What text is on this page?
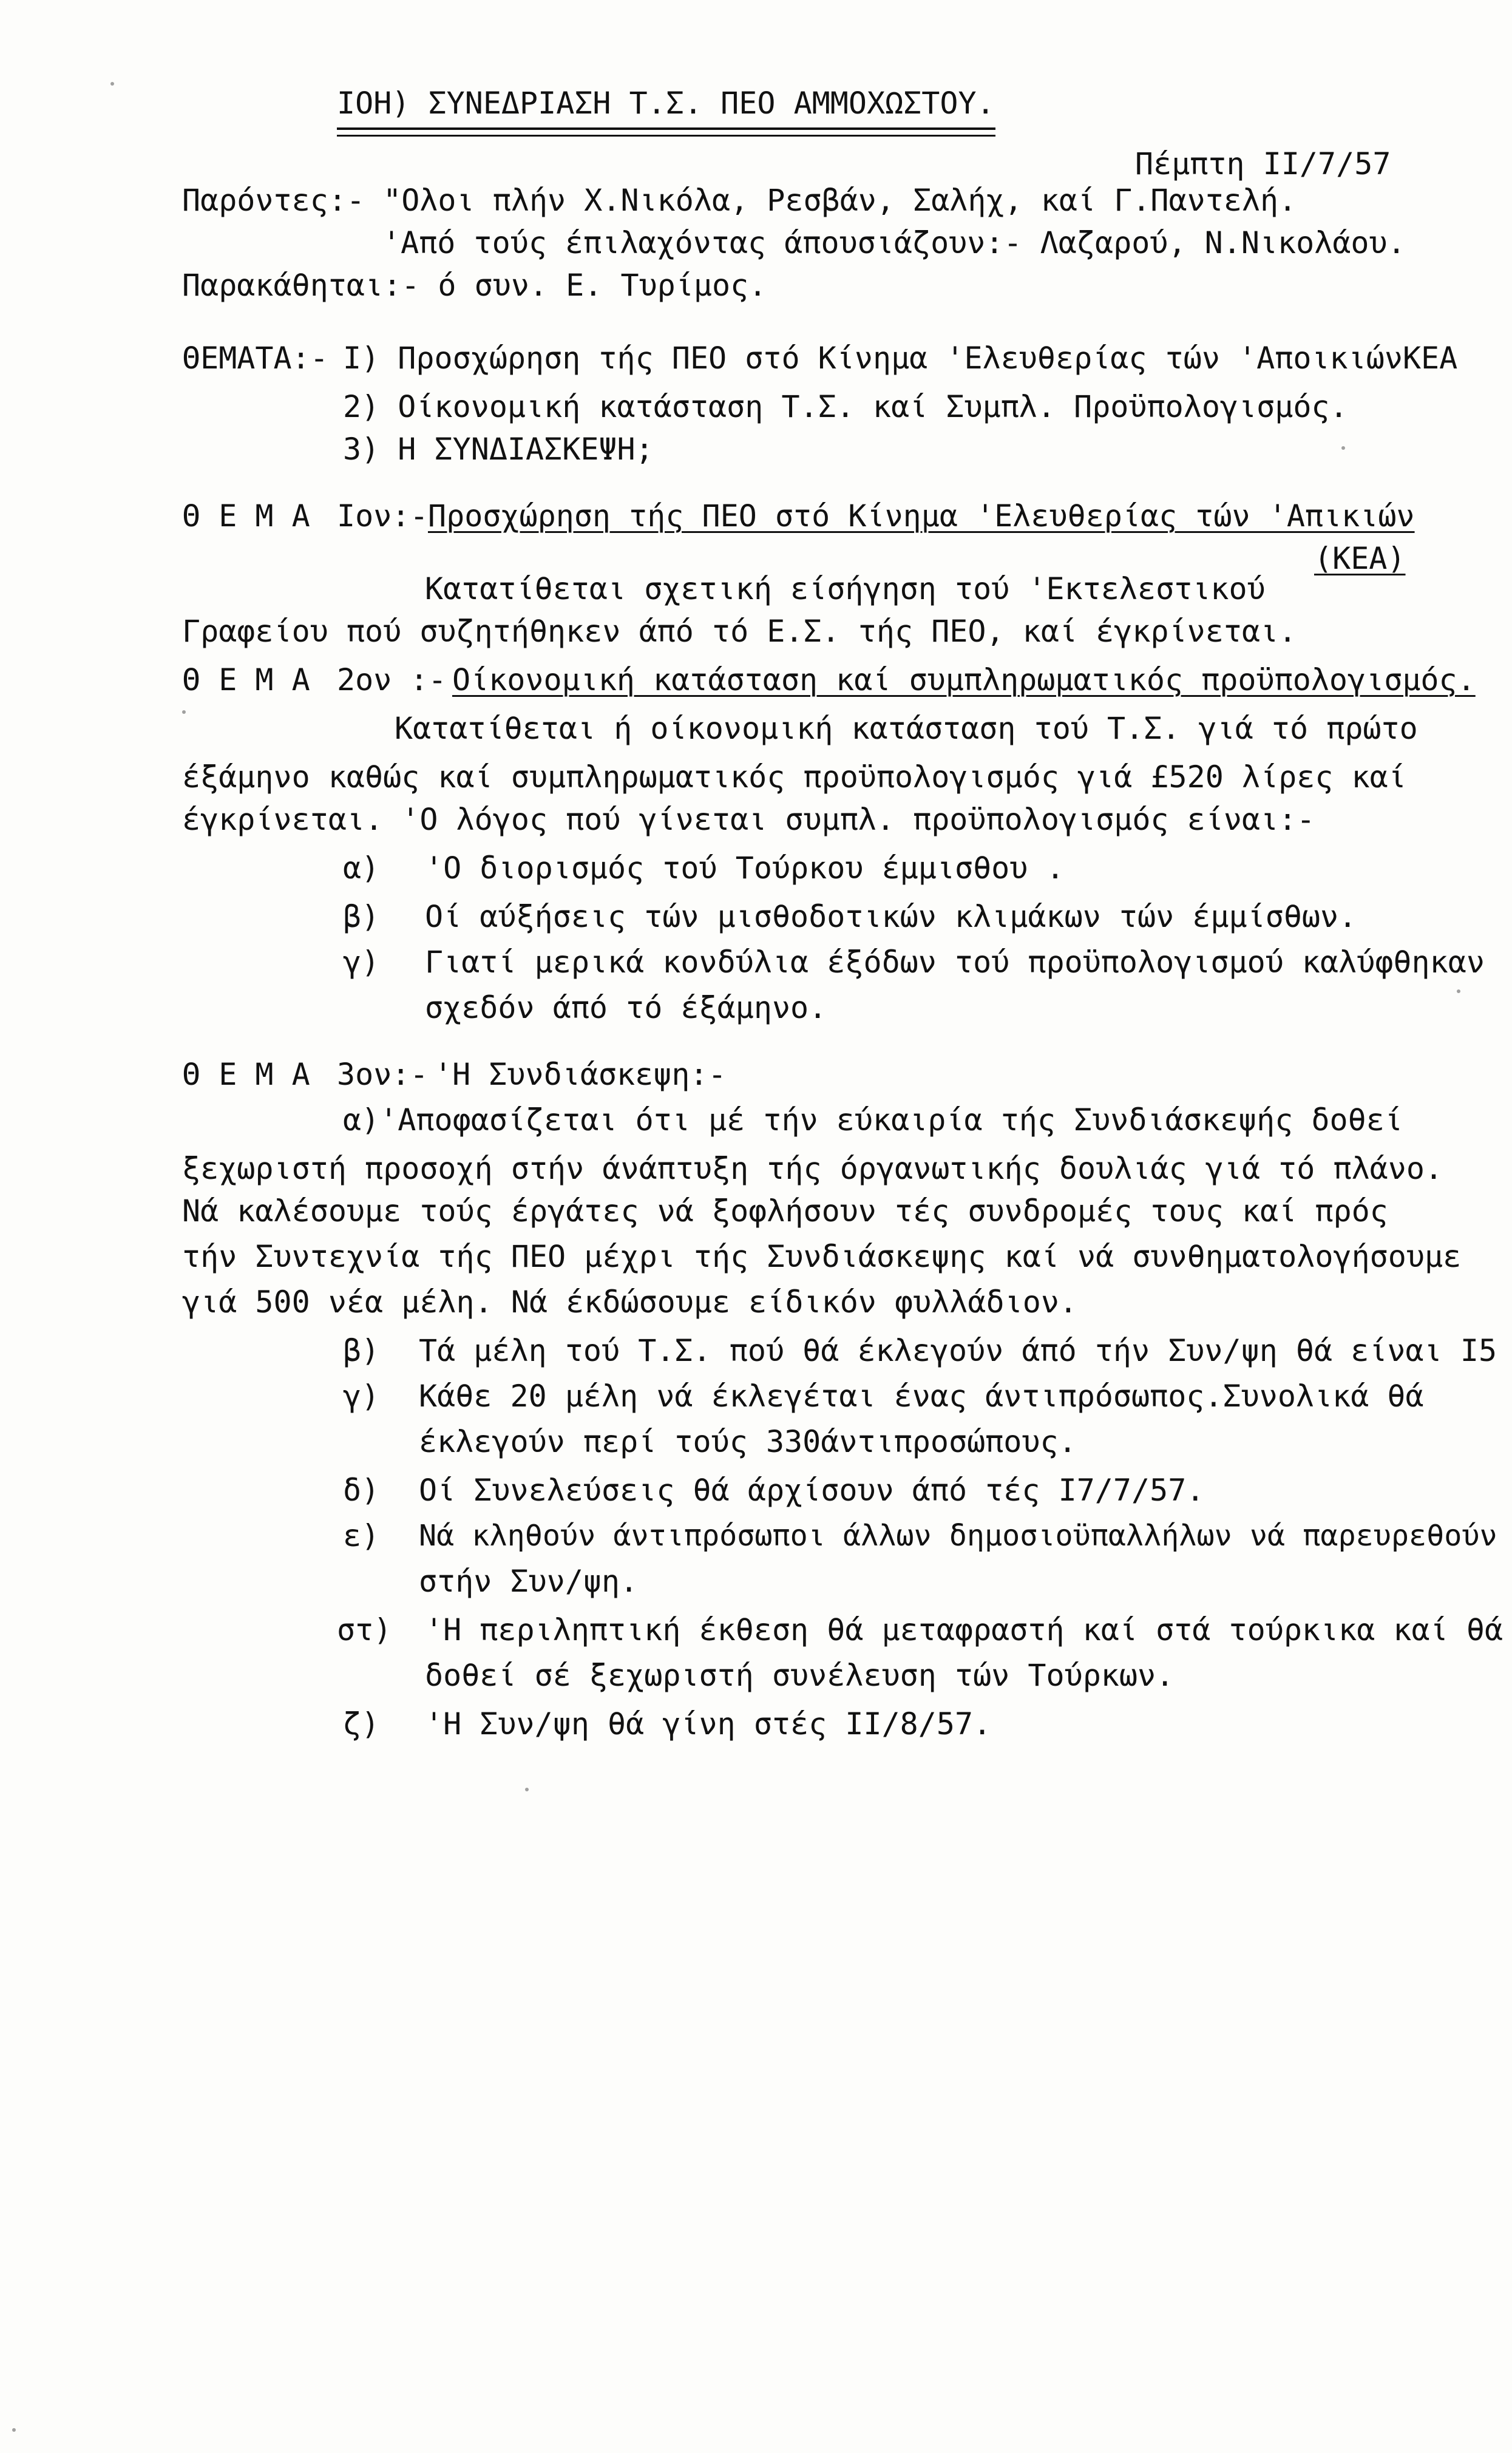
ΙΟΗ) ΣΥΝΕΔΡΙΑΣΗ Τ.Σ. ΠΕΟ ΑΜΜΟΧΩΣΤΟΥ.
Πέμπτη ΙΙ/7/57
Παρόντες:- "Ολοι πλήν Χ.Νικόλα, Ρεσβάν, Σαλήχ, καί Γ.Παντελή.
'Από τούς έπιλαχόντας άπουσιάζουν:- Λαζαρού, Ν.Νικολάου.
Παρακάθηται:- ό συν. Ε. Τυρίμος.
ΘΕΜΑΤΑ:- Ι) Προσχώρηση τής ΠΕΟ στό Κίνημα 'Ελευθερίας τών 'ΑποικιώνΚΕΑ
2) Οίκονομική κατάσταση Τ.Σ. καί Συμπλ. Προϋπολογισμός.
3) Η ΣΥΝΔΙΑΣΚΕΨΗ;
Θ Ε Μ Α Ιον:- Προσχώρηση τής ΠΕΟ στό Κίνημα 'Ελευθερίας τών 'Απικιών
(ΚΕΑ)
Κατατίθεται σχετική είσήγηση τού 'Εκτελεστικού
Γραφείου πού συζητήθηκεν άπό τό Ε.Σ. τής ΠΕΟ, καί έγκρίνεται.
Θ Ε Μ Α 2ον :- Οίκονομική κατάσταση καί συμπληρωματικός προϋπολογισμός.
Κατατίθεται ή οίκονομική κατάσταση τού Τ.Σ. γιά τό πρώτο
έξάμηνο καθώς καί συμπληρωματικός προϋπολογισμός γιά £520 λίρες καί
έγκρίνεται. 'Ο λόγος πού γίνεται συμπλ. προϋπολογισμός είναι:-
α) 'Ο διορισμός τού Τούρκου έμμισθου .
β) Οί αύξήσεις τών μισθοδοτικών κλιμάκων τών έμμίσθων.
γ) Γιατί μερικά κονδύλια έξόδων τού προϋπολογισμού καλύφθηκαν
σχεδόν άπό τό έξάμηνο.
Θ Ε Μ Α 3ον:- 'Η Συνδιάσκεψη:-
α)'Αποφασίζεται ότι μέ τήν εύκαιρία τής Συνδιάσκεψής δοθεί
ξεχωριστή προσοχή στήν άνάπτυξη τής όργανωτικής δουλιάς γιά τό πλάνο.
Νά καλέσουμε τούς έργάτες νά ξοφλήσουν τές συνδρομές τους καί πρός
τήν Συντεχνία τής ΠΕΟ μέχρι τής Συνδιάσκεψης καί νά συνθηματολογήσουμε
γιά 500 νέα μέλη. Νά έκδώσουμε είδικόν φυλλάδιον.
β) Τά μέλη τού Τ.Σ. πού θά έκλεγούν άπό τήν Συν/ψη θά είναι Ι5
γ) Κάθε 20 μέλη νά έκλεγέται ένας άντιπρόσωπος.Συνολικά θά
έκλεγούν περί τούς 330άντιπροσώπους.
δ) Οί Συνελεύσεις θά άρχίσουν άπό τές Ι7/7/57.
ε) Νά κληθούν άντιπρόσωποι άλλων δημοσιοϋπαλλήλων νά παρευρεθούν
στήν Συν/ψη.
στ) 'Η περιληπτική έκθεση θά μεταφραστή καί στά τούρκικα καί θά
δοθεί σέ ξεχωριστή συνέλευση τών Τούρκων.
ζ) 'Η Συν/ψη θά γίνη στές ΙΙ/8/57.
